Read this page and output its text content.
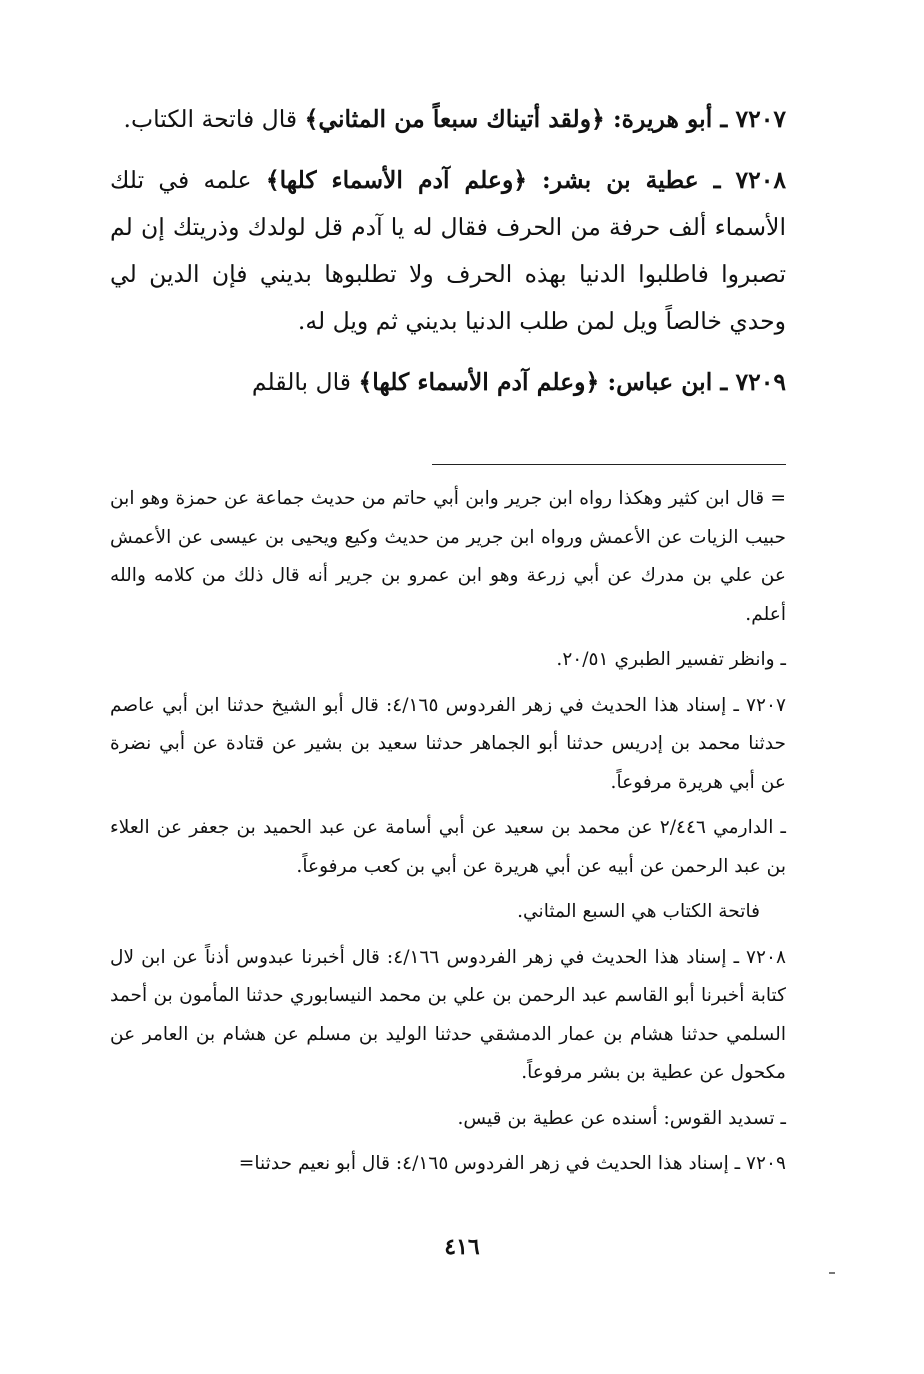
٧٢٠٧ ـ أبو هريرة: ﴿ولقد أتيناك سبعاً من المثاني﴾ قال فاتحة الكتاب.

٧٢٠٨ ـ عطية بن بشر: ﴿وعلم آدم الأسماء كلها﴾ علمه في تلك الأسماء ألف حرفة من الحرف فقال له يا آدم قل لولدك وذريتك إن لم تصبروا فاطلبوا الدنيا بهذه الحرف ولا تطلبوها بديني فإن الدين لي وحدي خالصاً ويل لمن طلب الدنيا بديني ثم ويل له.

٧٢٠٩ ـ ابن عباس: ﴿وعلم آدم الأسماء كلها﴾ قال بالقلم

= قال ابن كثير وهكذا رواه ابن جرير وابن أبي حاتم من حديث جماعة عن حمزة وهو ابن حبيب الزيات عن الأعمش ورواه ابن جرير من حديث وكيع ويحيى بن عيسى عن الأعمش عن علي بن مدرك عن أبي زرعة وهو ابن عمرو بن جرير أنه قال ذلك من كلامه والله أعلم.

ـ وانظر تفسير الطبري ٢٠/٥١.

٧٢٠٧ ـ إسناد هذا الحديث في زهر الفردوس ٤/١٦٥: قال أبو الشيخ حدثنا ابن أبي عاصم حدثنا محمد بن إدريس حدثنا أبو الجماهر حدثنا سعيد بن بشير عن قتادة عن أبي نضرة عن أبي هريرة مرفوعاً.

ـ الدارمي ٢/٤٤٦ عن محمد بن سعيد عن أبي أسامة عن عبد الحميد بن جعفر عن العلاء بن عبد الرحمن عن أبيه عن أبي هريرة عن أبي بن كعب مرفوعاً.

فاتحة الكتاب هي السبع المثاني.

٧٢٠٨ ـ إسناد هذا الحديث في زهر الفردوس ٤/١٦٦: قال أخبرنا عبدوس أذناً عن ابن لال كتابة أخبرنا أبو القاسم عبد الرحمن بن علي بن محمد النيسابوري حدثنا المأمون بن أحمد السلمي حدثنا هشام بن عمار الدمشقي حدثنا الوليد بن مسلم عن هشام بن العامر عن مكحول عن عطية بن بشر مرفوعاً.

ـ تسديد القوس: أسنده عن عطية بن قيس.

٧٢٠٩ ـ إسناد هذا الحديث في زهر الفردوس ٤/١٦٥: قال أبو نعيم حدثنا=

٤١٦
